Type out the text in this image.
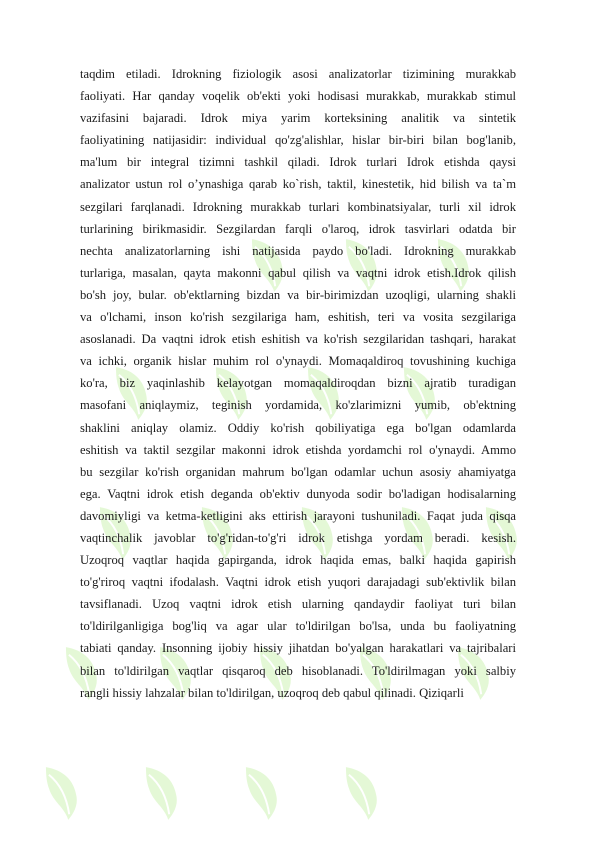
taqdim etiladi. Idrokning fiziologik asosi analizatorlar tizimining murakkab
faoliyati. Har qanday voqelik ob'ekti yoki hodisasi murakkab, murakkab stimul
vazifasini bajaradi. Idrok miya yarim korteksining analitik va sintetik
faoliyatining natijasidir: individual qo'zg'alishlar, hislar bir-biri bilan bog'lanib,
ma'lum bir integral tizimni tashkil qiladi. Idrok turlari Idrok etishda qaysi
analizator ustun rol o’ynashiga qarab ko`rish, taktil, kinestetik, hid bilish va ta`m
sezgilari farqlanadi. Idrokning murakkab turlari kombinatsiyalar, turli xil idrok
turlarining birikmasidir. Sezgilardan farqli o'laroq, idrok tasvirlari odatda bir
nechta analizatorlarning ishi natijasida paydo bo'ladi. Idrokning murakkab
turlariga, masalan, qayta makonni qabul qilish va vaqtni idrok etish.Idrok qilish
bo'sh joy, bular. ob'ektlarning bizdan va bir-birimizdan uzoqligi, ularning shakli
va o'lchami, inson ko'rish sezgilariga ham, eshitish, teri va vosita sezgilariga
asoslanadi. Da vaqtni idrok etish eshitish va ko'rish sezgilaridan tashqari, harakat
va ichki, organik hislar muhim rol o'ynaydi. Momaqaldiroq tovushining kuchiga
ko'ra, biz yaqinlashib kelayotgan momaqaldiroqdan bizni ajratib turadigan
masofani aniqlaymiz, teginish yordamida, ko'zlarimizni yumib, ob'ektning
shaklini aniqlay olamiz. Oddiy ko'rish qobiliyatiga ega bo'lgan odamlarda
eshitish va taktil sezgilar makonni idrok etishda yordamchi rol o'ynaydi. Ammo
bu sezgilar ko'rish organidan mahrum bo'lgan odamlar uchun asosiy ahamiyatga
ega. Vaqtni idrok etish deganda ob'ektiv dunyoda sodir bo'ladigan hodisalarning
davomiyligi va ketma-ketligini aks ettirish jarayoni tushuniladi. Faqat juda qisqa
vaqtinchalik javoblar to'g'ridan-to'g'ri idrok etishga yordam beradi. kesish.
Uzoqroq vaqtlar haqida gapirganda, idrok haqida emas, balki haqida gapirish
to'g'riroq vaqtni ifodalash. Vaqtni idrok etish yuqori darajadagi sub'ektivlik bilan
tavsiflanadi. Uzoq vaqtni idrok etish ularning qandaydir faoliyat turi bilan
to'ldirilganligiga bog'liq va agar ular to'ldirilgan bo'lsa, unda bu faoliyatning
tabiati qanday. Insonning ijobiy hissiy jihatdan bo'yalgan harakatlari va tajribalari
bilan to'ldirilgan vaqtlar qisqaroq deb hisoblanadi. To'ldirilmagan yoki salbiy
rangli hissiy lahzalar bilan to'ldirilgan, uzoqroq deb qabul qilinadi. Qiziqarli
